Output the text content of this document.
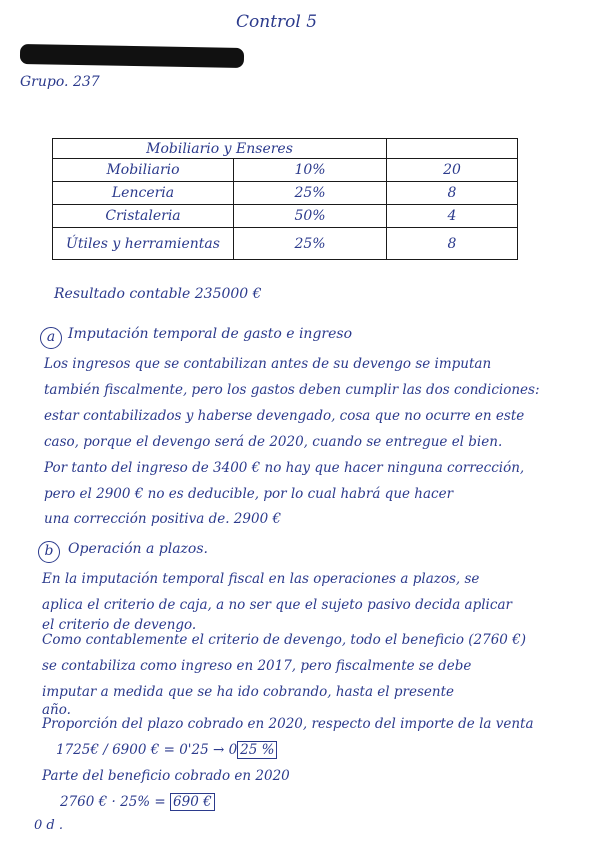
Control 5
Grupo. 237
Mobiliario y Enseres		
Mobiliario	10%	20
Lenceria	25%	8
Cristaleria	50%	4
Útiles y herramientas	25%	8
Resultado contable 235000 €
a Imputación temporal de gasto e ingreso
Los ingresos que se contabilizan antes de su devengo se imputan
también fiscalmente, pero los gastos deben cumplir las dos condiciones:
estar contabilizados y haberse devengado, cosa que no ocurre en este
caso, porque el devengo será de 2020, cuando se entregue el bien.
Por tanto del ingreso de 3400 € no hay que hacer ninguna corrección,
pero el 2900 € no es deducible, por lo cual habrá que hacer
una corrección positiva de. 2900 €
b	Operación a plazos.
En la imputación temporal fiscal en las operaciones a plazos, se
aplica el criterio de caja, a no ser que el sujeto pasivo decida aplicar
el criterio de devengo.
Como contablemente el criterio de devengo, todo el beneficio (2760 €)
se contabiliza como ingreso en 2017, pero fiscalmente se debe
imputar a medida que se ha ido cobrando, hasta el presente
año.
Proporción del plazo cobrado en 2020, respecto del importe de la venta
1725€ / 6900 € = 0'25 → 0 25 %
Parte del beneficio cobrado en 2020
2760 € · 25% = 690 €
0 d .
